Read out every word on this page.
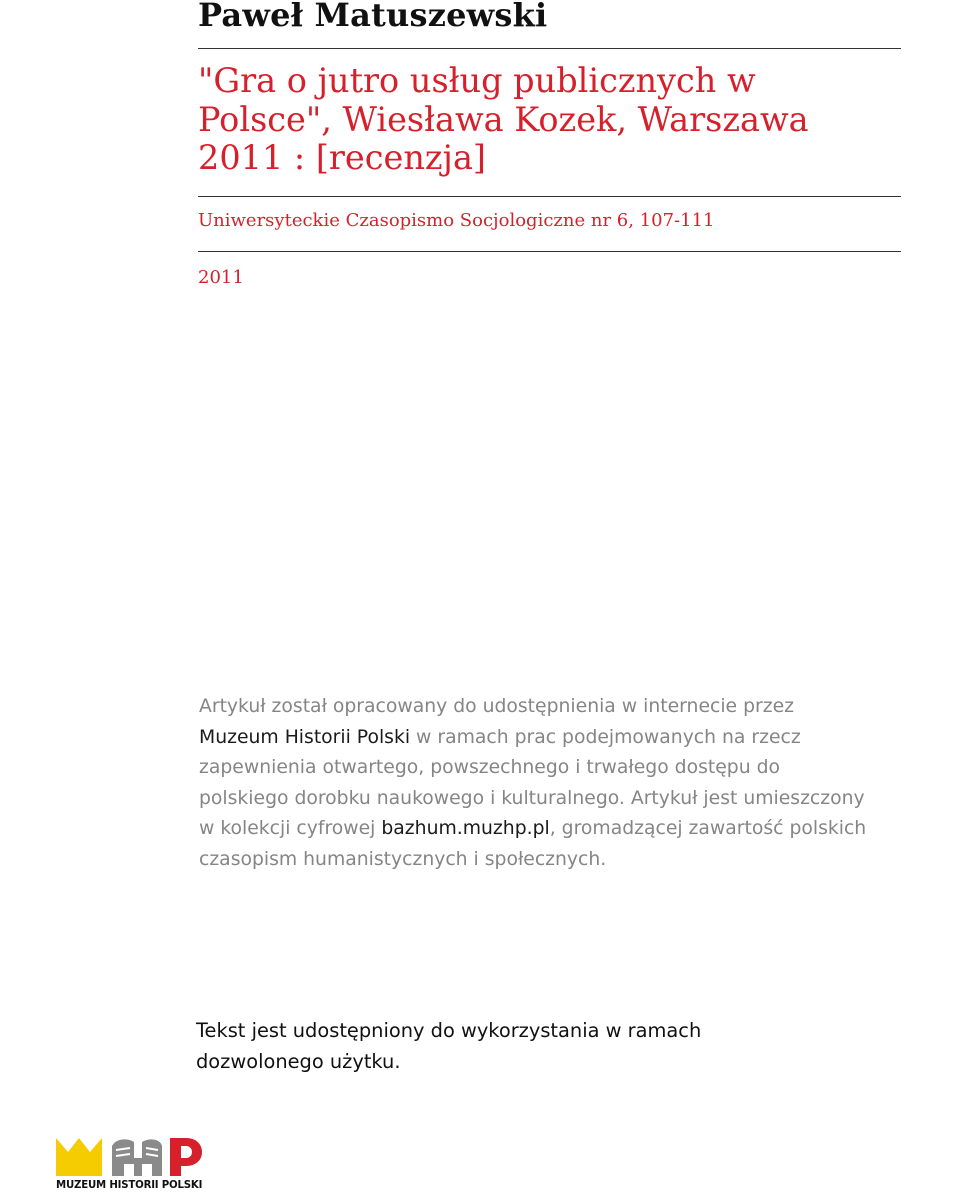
Paweł Matuszewski
"Gra o jutro usług publicznych w Polsce", Wiesława Kozek, Warszawa 2011 : [recenzja]
Uniwersyteckie Czasopismo Socjologiczne nr 6, 107-111
2011

Artykuł został opracowany do udostępnienia w internecie przez
Muzeum Historii Polski w ramach prac podejmowanych na rzecz
zapewnienia otwartego, powszechnego i trwałego dostępu do
polskiego dorobku naukowego i kulturalnego. Artykuł jest umieszczony
w kolekcji cyfrowej bazhum.muzhp.pl, gromadzącej zawartość polskich
czasopism humanistycznych i społecznych.

Tekst jest udostępniony do wykorzystania w ramach
dozwolonego użytku.

MUZEUM HISTORII POLSKI
